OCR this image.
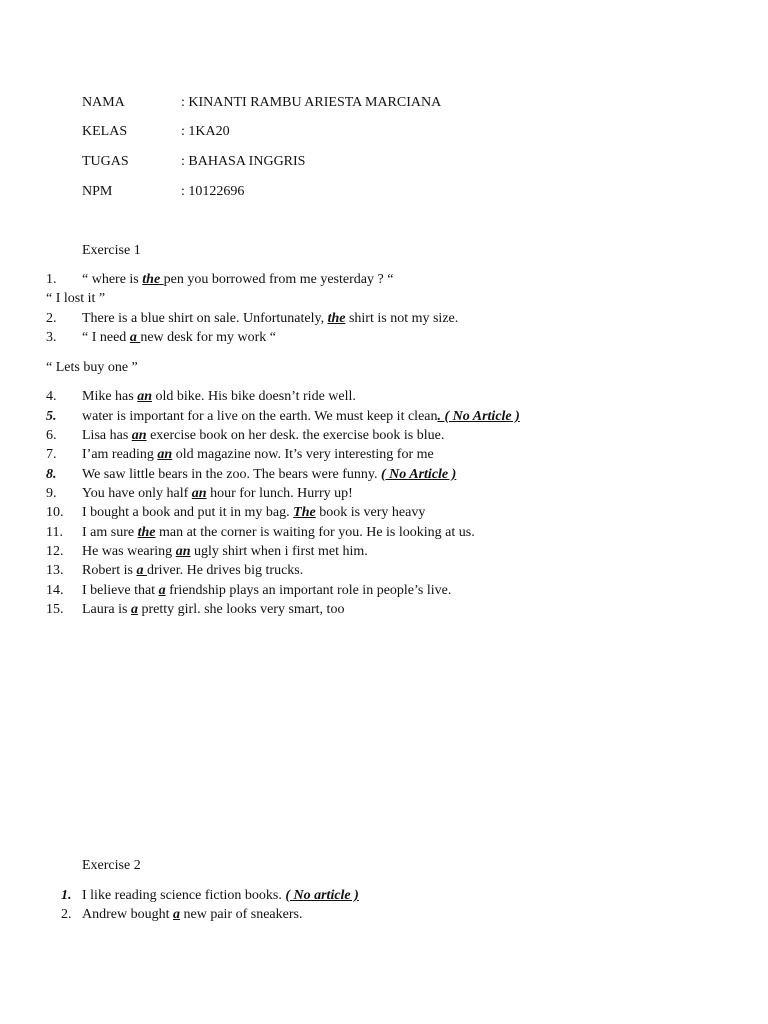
NAMA	: KINANTI RAMBU ARIESTA MARCIANA
KELAS	: 1KA20
TUGAS	: BAHASA INGGRIS
NPM	: 10122696
Exercise 1
1. “ where is the pen you borrowed from me yesterday ? “
“ I lost it ”
2. There is a blue shirt on sale. Unfortunately, the shirt is not my size.
3. “ I need a new desk for my work “
“ Lets buy one ”
4. Mike has an old bike. His bike doesn’t ride well.
5. water is important for a live on the earth. We must keep it clean. ( No Article )
6. Lisa has an exercise book on her desk. the exercise book is blue.
7. I’am reading an old magazine now. It’s very interesting for me
8. We saw little bears in the zoo. The bears were funny. ( No Article )
9. You have only half an hour for lunch. Hurry up!
10. I bought a book and put it in my bag. The book is very heavy
11. I am sure the man at the corner is waiting for you. He is looking at us.
12. He was wearing an ugly shirt when i first met him.
13. Robert is a driver. He drives big trucks.
14. I believe that a friendship plays an important role in people’s live.
15. Laura is a pretty girl. she looks very smart, too
Exercise 2
1. I like reading science fiction books. ( No article )
2. Andrew bought a new pair of sneakers.
